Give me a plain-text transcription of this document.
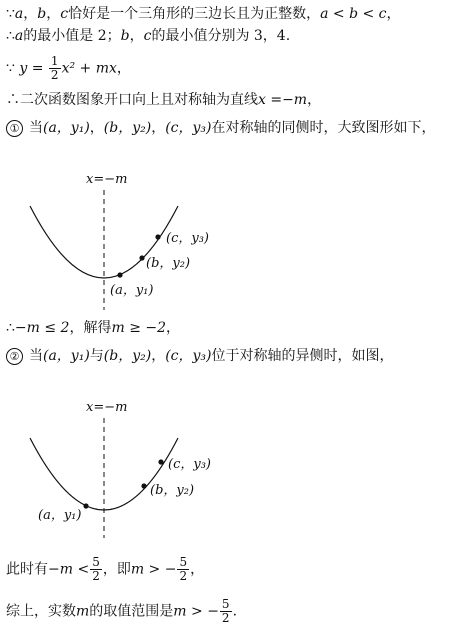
∵a，b，c恰好是一个三角形的三边长且为正整数，a < b < c，
∴a的最小值是 2；b，c的最小值分别为 3，4.
∵ $y = \frac{1}{2} x^2$ + mx，
∴二次函数图象开口向上且对称轴为直线x =−m，
① 当(a，y₁)，(b，y₂)，(c，y₃)在对称轴的同侧时，大致图形如下，
x=−m
(c，y₃)
(b，y₂)
(a，y₁)
∴−m ≤ 2，解得m ≥ −2，
② 当(a，y₁)与(b，y₂)，(c，y₃)位于对称轴的异侧时，如图，
x=−m
(c，y₃)
(b，y₂)
(a，y₁)
此时有$-m < \frac{5}{2}$ ，即m > − $\frac{5}{2}$ ，
综上，实数m的取值范围是m > − $\frac{5}{2}$ .
